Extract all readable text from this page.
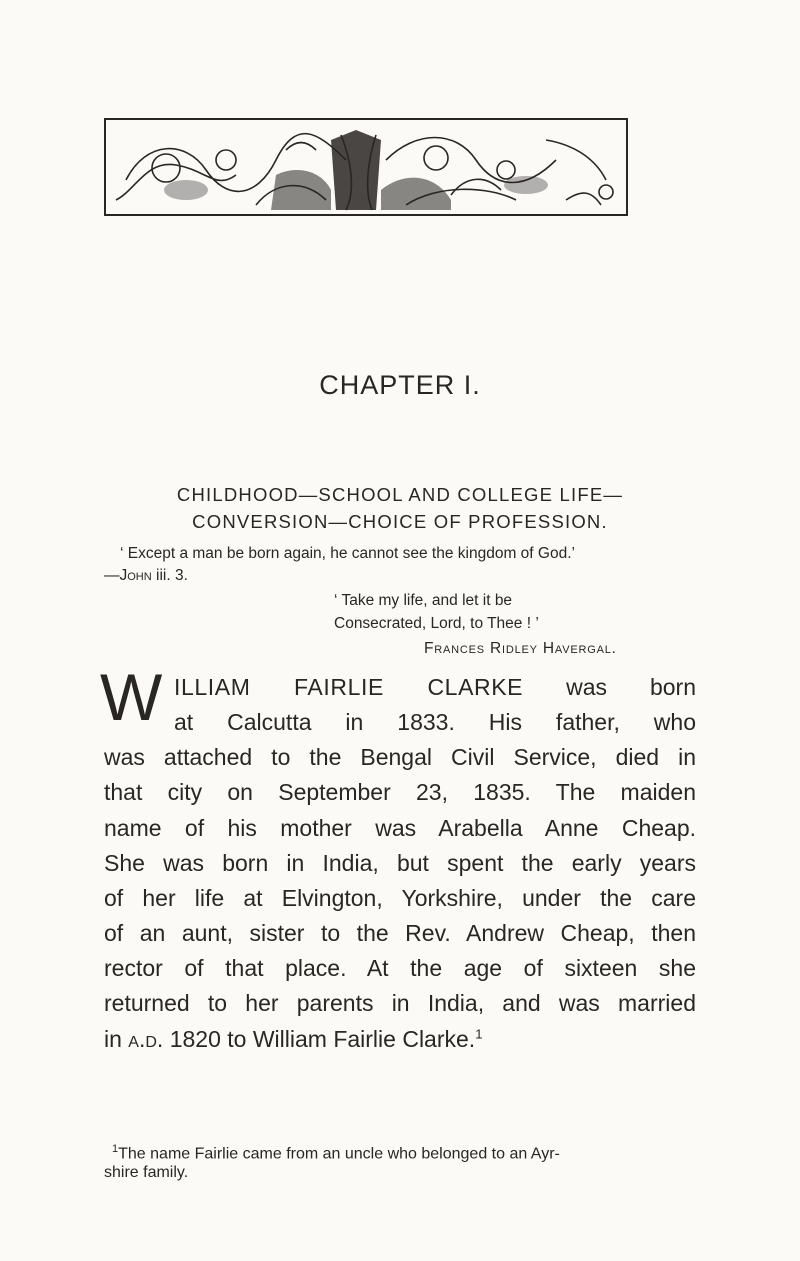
CHAPTER I.
CHILDHOOD—SCHOOL AND COLLEGE LIFE—
CONVERSION—CHOICE OF PROFESSION.
‘ Except a man be born again, he cannot see the kingdom of God.’
—John iii. 3.
‘ Take my life, and let it be
Consecrated, Lord, to Thee ! ’
Frances Ridley Havergal.
W ILLIAM FAIRLIE CLARKE was born
at Calcutta in 1833. His father, who
was attached to the Bengal Civil Service, died in
that city on September 23, 1835. The maiden
name of his mother was Arabella Anne Cheap.
She was born in India, but spent the early years
of her life at Elvington, Yorkshire, under the care
of an aunt, sister to the Rev. Andrew Cheap, then
rector of that place. At the age of sixteen she
returned to her parents in India, and was married
in a.d. 1820 to William Fairlie Clarke.$^1$
$^1$The name Fairlie came from an uncle who belonged to an Ayr-
shire family.
